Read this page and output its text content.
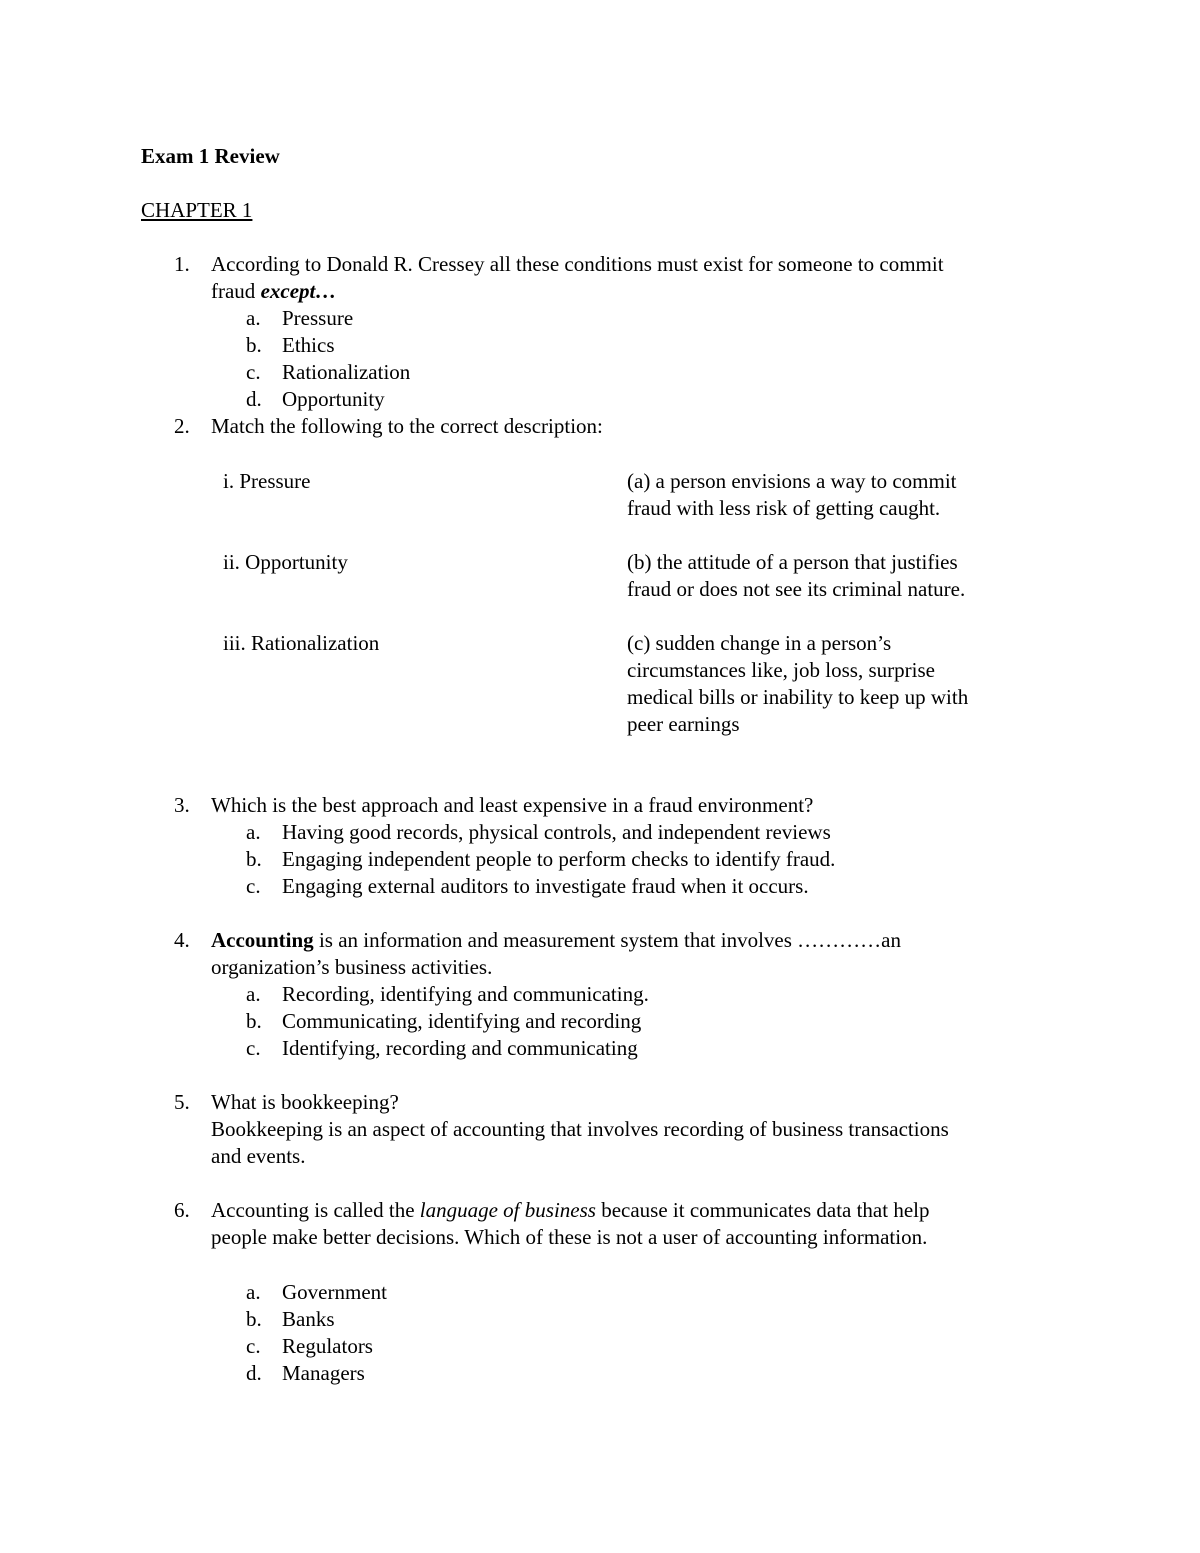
Exam 1 Review
CHAPTER 1
1. According to Donald R. Cressey all these conditions must exist for someone to commit
fraud except…
a. Pressure
b. Ethics
c. Rationalization
d. Opportunity
2. Match the following to the correct description:
i. Pressure	(a) a person envisions a way to commit
fraud with less risk of getting caught.
ii. Opportunity	(b) the attitude of a person that justifies
fraud or does not see its criminal nature.
iii. Rationalization	(c) sudden change in a person’s
circumstances like, job loss, surprise
medical bills or inability to keep up with
peer earnings
3. Which is the best approach and least expensive in a fraud environment?
a. Having good records, physical controls, and independent reviews
b. Engaging independent people to perform checks to identify fraud.
c. Engaging external auditors to investigate fraud when it occurs.
4. Accounting is an information and measurement system that involves …………an
organization’s business activities.
a. Recording, identifying and communicating.
b. Communicating, identifying and recording
c. Identifying, recording and communicating
5. What is bookkeeping?
Bookkeeping is an aspect of accounting that involves recording of business transactions
and events.
6. Accounting is called the language of business because it communicates data that help
people make better decisions. Which of these is not a user of accounting information.
a. Government
b. Banks
c. Regulators
d. Managers
